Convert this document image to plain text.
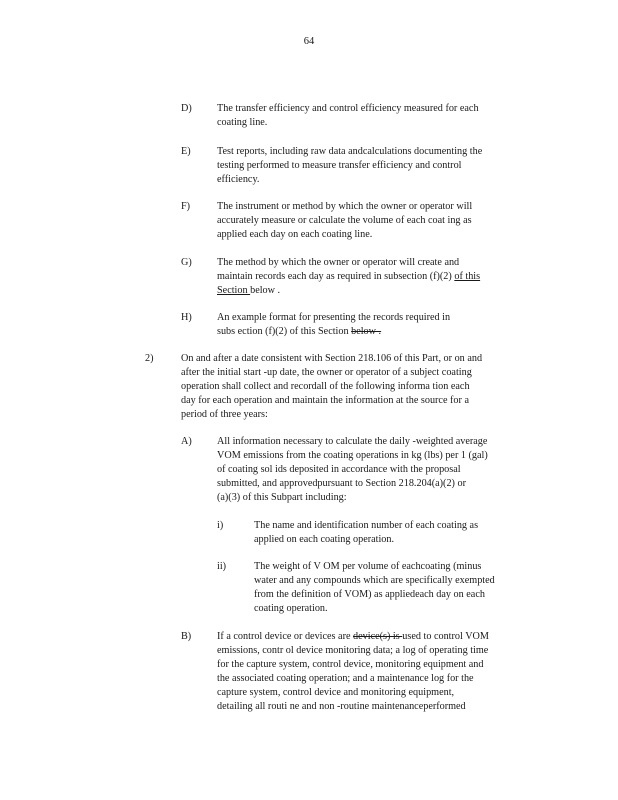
64
D) The transfer efficiency and control efficiency measured for each
coating line.
E)	Test reports, including raw data andcalculations documenting the
testing performed to measure transfer efficiency and control
efficiency.
F)	The instrument or method by which the owner or operator will
accurately measure or calculate the volume of each coat ing as
applied each day on each coating line.
G) The method by which the owner or operator will create and
maintain records each day as required in subsection (f)(2) of this
Section below .
H) An example format for presenting the records required in
subs ection (f)(2) of this Section below .
2)	On and after a date consistent with Section 218.106 of this Part, or on and
after the initial start -up date, the owner or operator of a subject coating
operation shall collect and recordall of the following informa tion each
day for each operation and maintain the information at the source for a
period of three years:
A) All information necessary to calculate the daily -weighted average
VOM emissions from the coating operations in kg (lbs) per 1 (gal)
of coating sol ids deposited in accordance with the proposal
submitted, and approvedpursuant to Section 218.204(a)(2) or
(a)(3) of this Subpart including:
i)	The name and identification number of each coating as
applied on each coating operation.
ii)	The weight of V OM per volume of eachcoating (minus
water and any compounds which are specifically exempted
from the definition of VOM) as appliedeach day on each
coating operation.
B)	If a control device or devices are device(s) is used to control VOM
emissions, contr ol device monitoring data; a log of operating time
for the capture system, control device, monitoring equipment and
the associated coating operation; and a maintenance log for the
capture system, control device and monitoring equipment,
detailing all routi ne and non -routine maintenanceperformed
